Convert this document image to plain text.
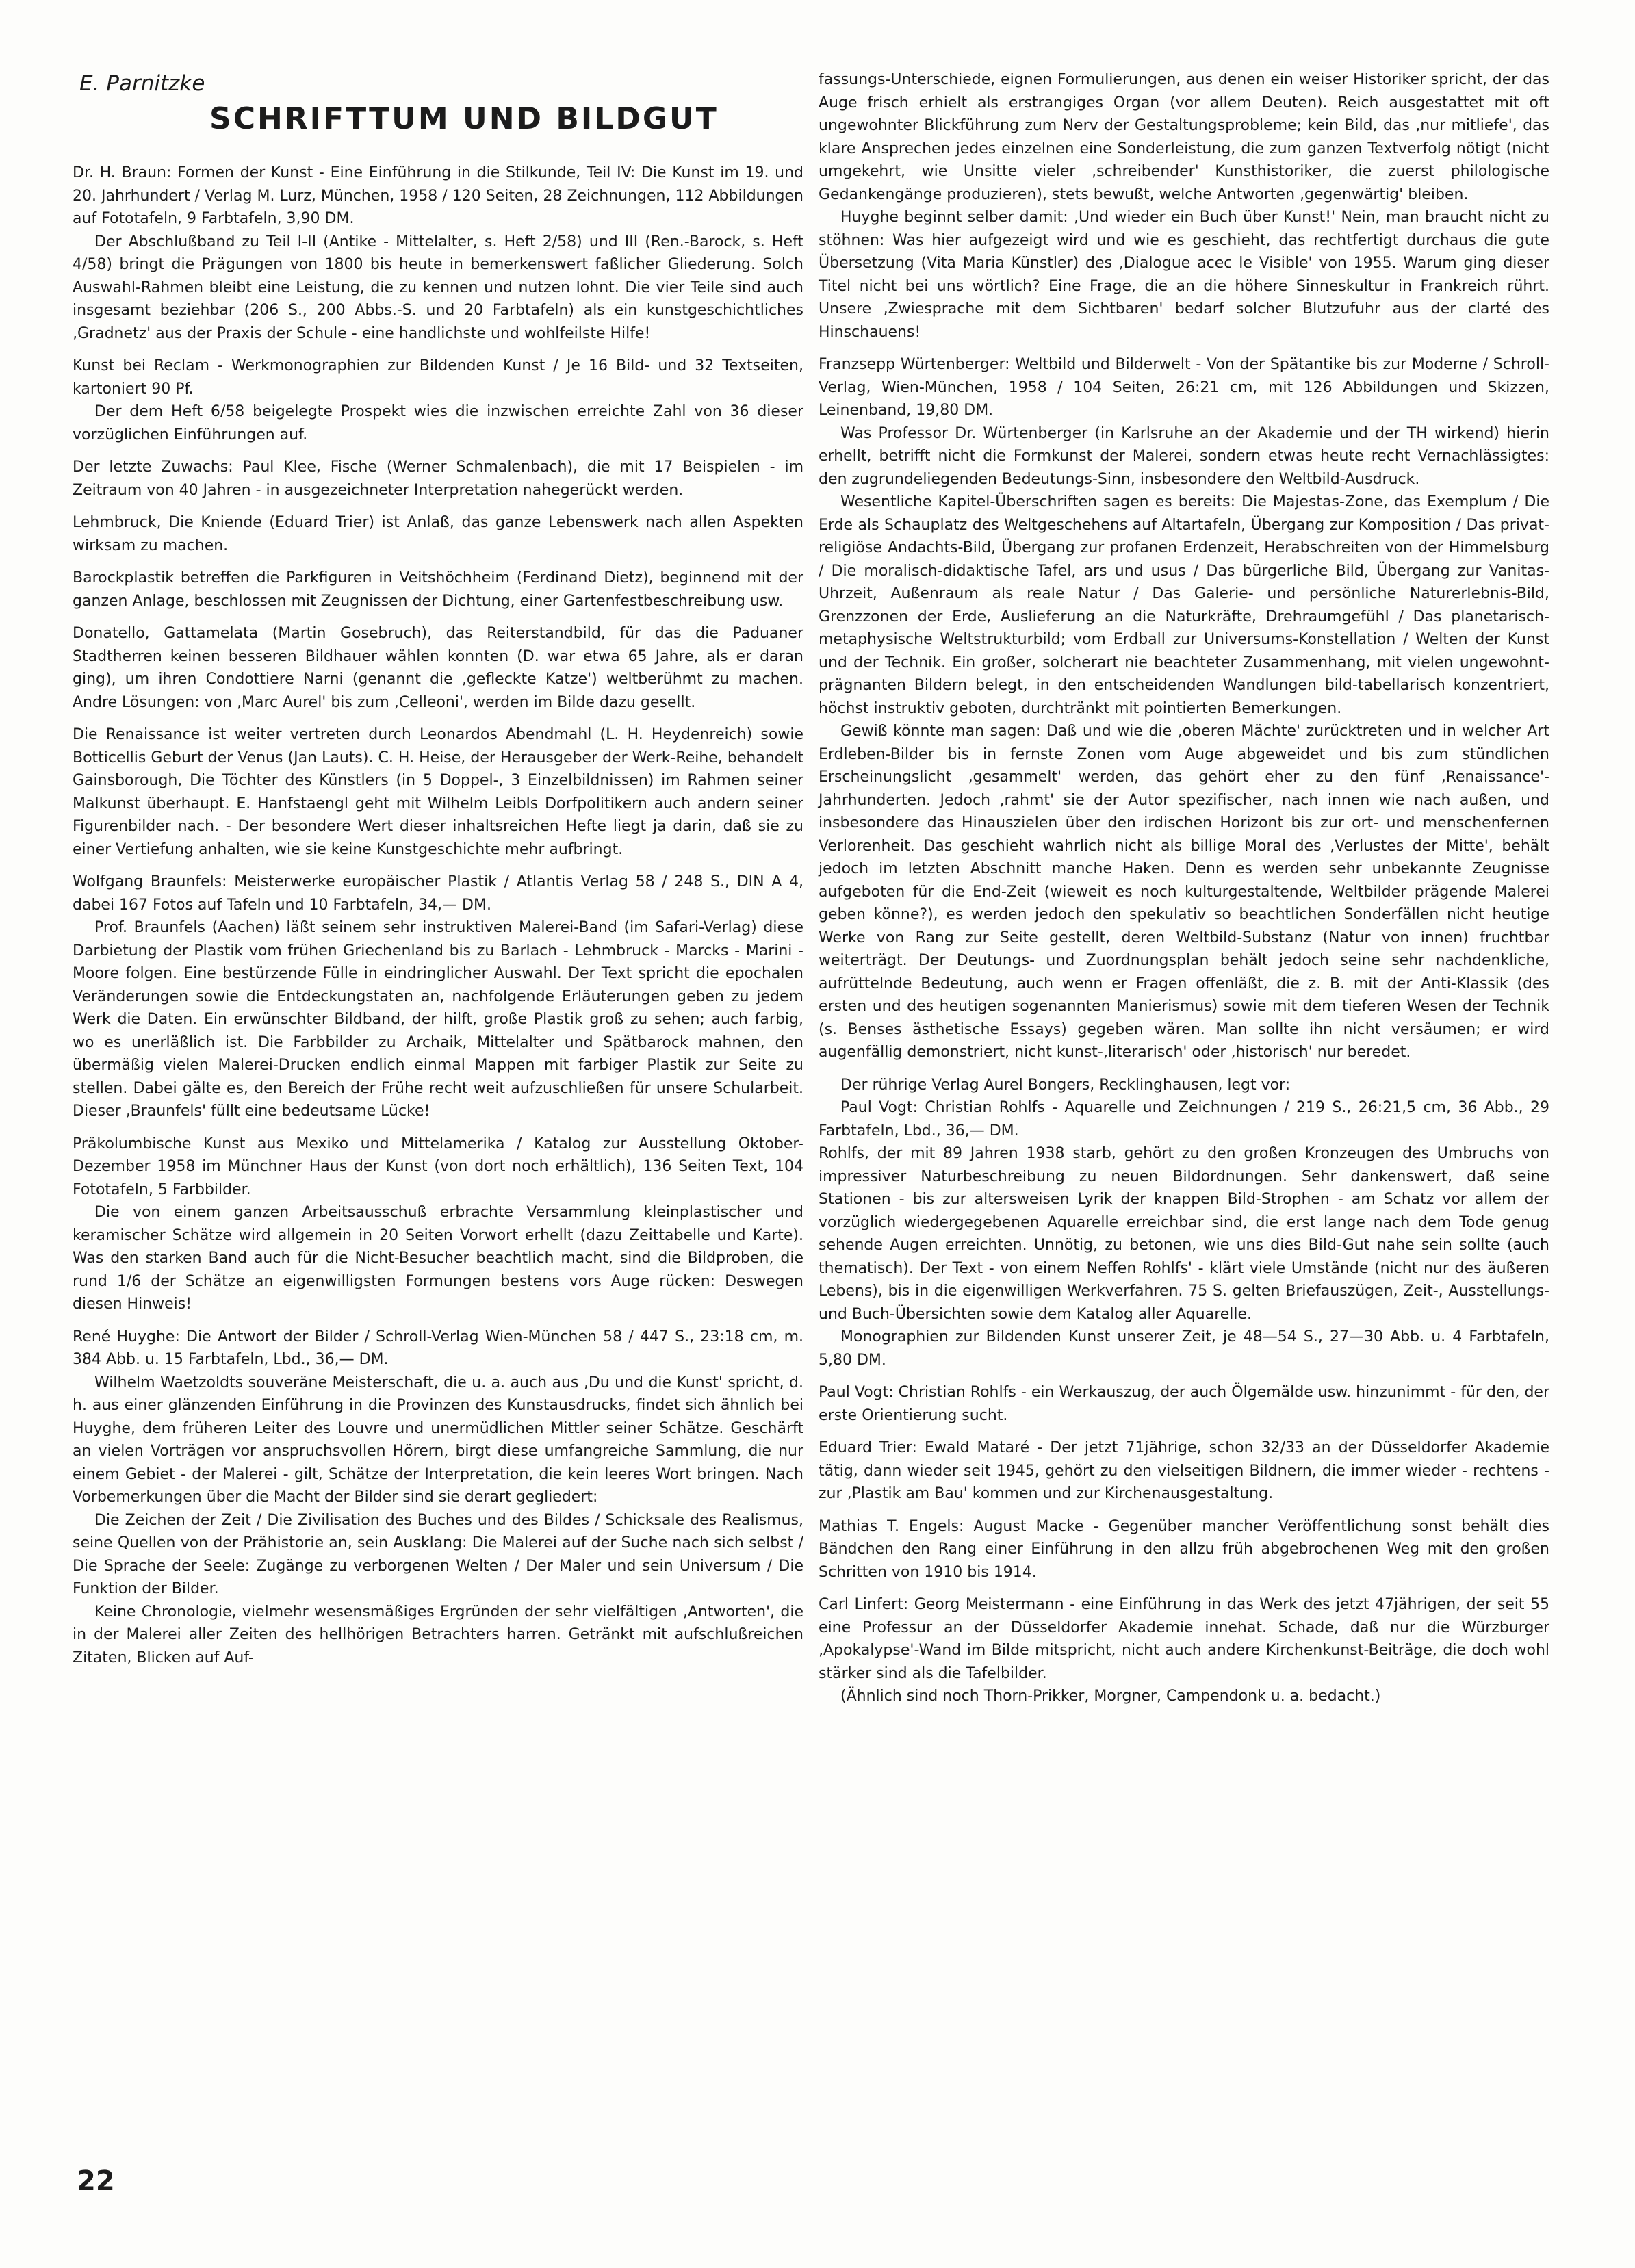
E. Parnitzke
SCHRIFTTUM UND BILDGUT

Dr. H. Braun: Formen der Kunst - Eine Einführung in die Stilkunde, Teil IV: Die Kunst im 19. und 20. Jahrhundert / Verlag M. Lurz, München, 1958 / 120 Seiten, 28 Zeichnungen, 112 Abbildungen auf Fototafeln, 9 Farbtafeln, 3,90 DM.

Der Abschlußband zu Teil I-II (Antike - Mittelalter, s. Heft 2/58) und III (Ren.-Barock, s. Heft 4/58) bringt die Prägungen von 1800 bis heute in bemerkenswert faßlicher Gliederung. Solch Auswahl-Rahmen bleibt eine Leistung, die zu kennen und nutzen lohnt. Die vier Teile sind auch insgesamt beziehbar (206 S., 200 Abbs.-S. und 20 Farbtafeln) als ein kunstgeschichtliches ‚Gradnetz' aus der Praxis der Schule - eine handlichste und wohlfeilste Hilfe!

Kunst bei Reclam - Werkmonographien zur Bildenden Kunst / Je 16 Bild- und 32 Textseiten, kartoniert 90 Pf.

Der dem Heft 6/58 beigelegte Prospekt wies die inzwischen erreichte Zahl von 36 dieser vorzüglichen Einführungen auf.

Der letzte Zuwachs: Paul Klee, Fische (Werner Schmalenbach), die mit 17 Beispielen - im Zeitraum von 40 Jahren - in ausgezeichneter Interpretation nahegerückt werden.

Lehmbruck, Die Kniende (Eduard Trier) ist Anlaß, das ganze Lebenswerk nach allen Aspekten wirksam zu machen.

Barockplastik betreffen die Parkfiguren in Veitshöchheim (Ferdinand Dietz), beginnend mit der ganzen Anlage, beschlossen mit Zeugnissen der Dichtung, einer Gartenfestbeschreibung usw.

Donatello, Gattamelata (Martin Gosebruch), das Reiterstandbild, für das die Paduaner Stadtherren keinen besseren Bildhauer wählen konnten (D. war etwa 65 Jahre, als er daran ging), um ihren Condottiere Narni (genannt die ‚gefleckte Katze') weltberühmt zu machen. Andre Lösungen: von ‚Marc Aurel' bis zum ‚Celleoni', werden im Bilde dazu gesellt.

Die Renaissance ist weiter vertreten durch Leonardos Abendmahl (L. H. Heydenreich) sowie Botticellis Geburt der Venus (Jan Lauts). C. H. Heise, der Herausgeber der Werk-Reihe, behandelt Gainsborough, Die Töchter des Künstlers (in 5 Doppel-, 3 Einzelbildnissen) im Rahmen seiner Malkunst überhaupt. E. Hanfstaengl geht mit Wilhelm Leibls Dorfpolitikern auch andern seiner Figurenbilder nach. - Der besondere Wert dieser inhaltsreichen Hefte liegt ja darin, daß sie zu einer Vertiefung anhalten, wie sie keine Kunstgeschichte mehr aufbringt.

Wolfgang Braunfels: Meisterwerke europäischer Plastik / Atlantis Verlag 58 / 248 S., DIN A 4, dabei 167 Fotos auf Tafeln und 10 Farbtafeln, 34,— DM.

Prof. Braunfels (Aachen) läßt seinem sehr instruktiven Malerei-Band (im Safari-Verlag) diese Darbietung der Plastik vom frühen Griechenland bis zu Barlach - Lehmbruck - Marcks - Marini - Moore folgen. Eine bestürzende Fülle in eindringlicher Auswahl. Der Text spricht die epochalen Veränderungen sowie die Entdeckungstaten an, nachfolgende Erläuterungen geben zu jedem Werk die Daten. Ein erwünschter Bildband, der hilft, große Plastik groß zu sehen; auch farbig, wo es unerläßlich ist. Die Farbbilder zu Archaik, Mittelalter und Spätbarock mahnen, den übermäßig vielen Malerei-Drucken endlich einmal Mappen mit farbiger Plastik zur Seite zu stellen. Dabei gälte es, den Bereich der Frühe recht weit aufzuschließen für unsere Schularbeit. Dieser ‚Braunfels' füllt eine bedeutsame Lücke!

Präkolumbische Kunst aus Mexiko und Mittelamerika / Katalog zur Ausstellung Oktober-Dezember 1958 im Münchner Haus der Kunst (von dort noch erhältlich), 136 Seiten Text, 104 Fototafeln, 5 Farbbilder.

Die von einem ganzen Arbeitsausschuß erbrachte Versammlung kleinplastischer und keramischer Schätze wird allgemein in 20 Seiten Vorwort erhellt (dazu Zeittabelle und Karte). Was den starken Band auch für die Nicht-Besucher beachtlich macht, sind die Bildproben, die rund 1/6 der Schätze an eigenwilligsten Formungen bestens vors Auge rücken: Deswegen diesen Hinweis!

René Huyghe: Die Antwort der Bilder / Schroll-Verlag Wien-München 58 / 447 S., 23:18 cm, m. 384 Abb. u. 15 Farbtafeln, Lbd., 36,— DM.

Wilhelm Waetzoldts souveräne Meisterschaft, die u. a. auch aus ‚Du und die Kunst' spricht, d. h. aus einer glänzenden Einführung in die Provinzen des Kunstausdrucks, findet sich ähnlich bei Huyghe, dem früheren Leiter des Louvre und unermüdlichen Mittler seiner Schätze. Geschärft an vielen Vorträgen vor anspruchsvollen Hörern, birgt diese umfangreiche Sammlung, die nur einem Gebiet - der Malerei - gilt, Schätze der Interpretation, die kein leeres Wort bringen. Nach Vorbemerkungen über die Macht der Bilder sind sie derart gegliedert:

Die Zeichen der Zeit / Die Zivilisation des Buches und des Bildes / Schicksale des Realismus, seine Quellen von der Prähistorie an, sein Ausklang: Die Malerei auf der Suche nach sich selbst / Die Sprache der Seele: Zugänge zu verborgenen Welten / Der Maler und sein Universum / Die Funktion der Bilder.

Keine Chronologie, vielmehr wesensmäßiges Ergründen der sehr vielfältigen ‚Antworten', die in der Malerei aller Zeiten des hellhörigen Betrachters harren. Getränkt mit aufschlußreichen Zitaten, Blicken auf Auf-

fassungs-Unterschiede, eignen Formulierungen, aus denen ein weiser Historiker spricht, der das Auge frisch erhielt als erstrangiges Organ (vor allem Deuten). Reich ausgestattet mit oft ungewohnter Blickführung zum Nerv der Gestaltungsprobleme; kein Bild, das ‚nur mitliefe', das klare Ansprechen jedes einzelnen eine Sonderleistung, die zum ganzen Textverfolg nötigt (nicht umgekehrt, wie Unsitte vieler ‚schreibender' Kunsthistoriker, die zuerst philologische Gedankengänge produzieren), stets bewußt, welche Antworten ‚gegenwärtig' bleiben.

Huyghe beginnt selber damit: ‚Und wieder ein Buch über Kunst!' Nein, man braucht nicht zu stöhnen: Was hier aufgezeigt wird und wie es geschieht, das rechtfertigt durchaus die gute Übersetzung (Vita Maria Künstler) des ‚Dialogue acec le Visible' von 1955. Warum ging dieser Titel nicht bei uns wörtlich? Eine Frage, die an die höhere Sinneskultur in Frankreich rührt. Unsere ‚Zwiesprache mit dem Sichtbaren' bedarf solcher Blutzufuhr aus der clarté des Hinschauens!

Franzsepp Würtenberger: Weltbild und Bilderwelt - Von der Spätantike bis zur Moderne / Schroll-Verlag, Wien-München, 1958 / 104 Seiten, 26:21 cm, mit 126 Abbildungen und Skizzen, Leinenband, 19,80 DM.

Was Professor Dr. Würtenberger (in Karlsruhe an der Akademie und der TH wirkend) hierin erhellt, betrifft nicht die Formkunst der Malerei, sondern etwas heute recht Vernachlässigtes: den zugrundeliegenden Bedeutungs-Sinn, insbesondere den Weltbild-Ausdruck.

Wesentliche Kapitel-Überschriften sagen es bereits: Die Majestas-Zone, das Exemplum / Die Erde als Schauplatz des Weltgeschehens auf Altartafeln, Übergang zur Komposition / Das privat-religiöse Andachts-Bild, Übergang zur profanen Erdenzeit, Herabschreiten von der Himmelsburg / Die moralisch-didaktische Tafel, ars und usus / Das bürgerliche Bild, Übergang zur Vanitas-Uhrzeit, Außenraum als reale Natur / Das Galerie- und persönliche Naturerlebnis-Bild, Grenzzonen der Erde, Auslieferung an die Naturkräfte, Drehraumgefühl / Das planetarisch-metaphysische Weltstrukturbild; vom Erdball zur Universums-Konstellation / Welten der Kunst und der Technik. Ein großer, solcherart nie beachteter Zusammenhang, mit vielen ungewohnt-prägnanten Bildern belegt, in den entscheidenden Wandlungen bild-tabellarisch konzentriert, höchst instruktiv geboten, durchtränkt mit pointierten Bemerkungen.

Gewiß könnte man sagen: Daß und wie die ‚oberen Mächte' zurücktreten und in welcher Art Erdleben-Bilder bis in fernste Zonen vom Auge abgeweidet und bis zum stündlichen Erscheinungslicht ‚gesammelt' werden, das gehört eher zu den fünf ‚Renaissance'-Jahrhunderten. Jedoch ‚rahmt' sie der Autor spezifischer, nach innen wie nach außen, und insbesondere das Hinauszielen über den irdischen Horizont bis zur ort- und menschenfernen Verlorenheit. Das geschieht wahrlich nicht als billige Moral des ‚Verlustes der Mitte', behält jedoch im letzten Abschnitt manche Haken. Denn es werden sehr unbekannte Zeugnisse aufgeboten für die End-Zeit (wieweit es noch kulturgestaltende, Weltbilder prägende Malerei geben könne?), es werden jedoch den spekulativ so beachtlichen Sonderfällen nicht heutige Werke von Rang zur Seite gestellt, deren Weltbild-Substanz (Natur von innen) fruchtbar weiterträgt. Der Deutungs- und Zuordnungsplan behält jedoch seine sehr nachdenkliche, aufrüttelnde Bedeutung, auch wenn er Fragen offenläßt, die z. B. mit der Anti-Klassik (des ersten und des heutigen sogenannten Manierismus) sowie mit dem tieferen Wesen der Technik (s. Benses ästhetische Essays) gegeben wären. Man sollte ihn nicht versäumen; er wird augenfällig demonstriert, nicht kunst-‚literarisch' oder ‚historisch' nur beredet.

Der rührige Verlag Aurel Bongers, Recklinghausen, legt vor:

Paul Vogt: Christian Rohlfs - Aquarelle und Zeichnungen / 219 S., 26:21,5 cm, 36 Abb., 29 Farbtafeln, Lbd., 36,— DM.

Rohlfs, der mit 89 Jahren 1938 starb, gehört zu den großen Kronzeugen des Umbruchs von impressiver Naturbeschreibung zu neuen Bildordnungen. Sehr dankenswert, daß seine Stationen - bis zur altersweisen Lyrik der knappen Bild-Strophen - am Schatz vor allem der vorzüglich wiedergegebenen Aquarelle erreichbar sind, die erst lange nach dem Tode genug sehende Augen erreichten. Unnötig, zu betonen, wie uns dies Bild-Gut nahe sein sollte (auch thematisch). Der Text - von einem Neffen Rohlfs' - klärt viele Umstände (nicht nur des äußeren Lebens), bis in die eigenwilligen Werkverfahren. 75 S. gelten Briefauszügen, Zeit-, Ausstellungs- und Buch-Übersichten sowie dem Katalog aller Aquarelle.

Monographien zur Bildenden Kunst unserer Zeit, je 48—54 S., 27—30 Abb. u. 4 Farbtafeln, 5,80 DM.

Paul Vogt: Christian Rohlfs - ein Werkauszug, der auch Ölgemälde usw. hinzunimmt - für den, der erste Orientierung sucht.

Eduard Trier: Ewald Mataré - Der jetzt 71jährige, schon 32/33 an der Düsseldorfer Akademie tätig, dann wieder seit 1945, gehört zu den vielseitigen Bildnern, die immer wieder - rechtens - zur ‚Plastik am Bau' kommen und zur Kirchenausgestaltung.

Mathias T. Engels: August Macke - Gegenüber mancher Veröffentlichung sonst behält dies Bändchen den Rang einer Einführung in den allzu früh abgebrochenen Weg mit den großen Schritten von 1910 bis 1914.

Carl Linfert: Georg Meistermann - eine Einführung in das Werk des jetzt 47jährigen, der seit 55 eine Professur an der Düsseldorfer Akademie innehat. Schade, daß nur die Würzburger ‚Apokalypse'-Wand im Bilde mitspricht, nicht auch andere Kirchenkunst-Beiträge, die doch wohl stärker sind als die Tafelbilder.

(Ähnlich sind noch Thorn-Prikker, Morgner, Campendonk u. a. bedacht.)

22
